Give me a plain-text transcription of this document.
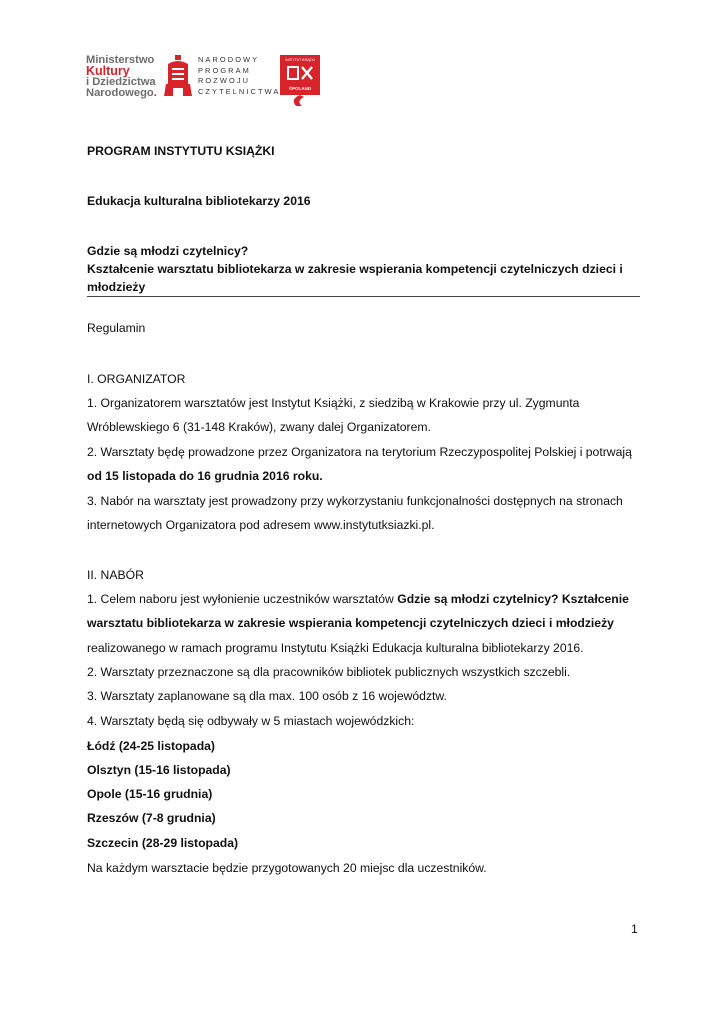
Ministerstwo
Kultury
i Dziedzictwa
Narodowego.
NARODOWY
PROGRAM
ROZWOJU
CZYTELNICTWA
INSTYTUT KSIĄŻKI
©POLAND
PROGRAM INSTYTUTU KSIĄŻKI
Edukacja kulturalna bibliotekarzy 2016
Gdzie są młodzi czytelnicy?
Kształcenie warsztatu bibliotekarza w zakresie wspierania kompetencji czytelniczych dzieci i
młodzieży
Regulamin
I. ORGANIZATOR
1. Organizatorem warsztatów jest Instytut Książki, z siedzibą w Krakowie przy ul. Zygmunta
Wróblewskiego 6 (31-148 Kraków), zwany dalej Organizatorem.
2. Warsztaty będę prowadzone przez Organizatora na terytorium Rzeczypospolitej Polskiej i potrwają
od 15 listopada do 16 grudnia 2016 roku.
3. Nabór na warsztaty jest prowadzony przy wykorzystaniu funkcjonalności dostępnych na stronach
internetowych Organizatora pod adresem www.instytutksiazki.pl.
II. NABÓR
1. Celem naboru jest wyłonienie uczestników warsztatów Gdzie są młodzi czytelnicy? Kształcenie
warsztatu bibliotekarza w zakresie wspierania kompetencji czytelniczych dzieci i młodzieży
realizowanego w ramach programu Instytutu Książki Edukacja kulturalna bibliotekarzy 2016.
2. Warsztaty przeznaczone są dla pracowników bibliotek publicznych wszystkich szczebli.
3. Warsztaty zaplanowane są dla max. 100 osób z 16 województw.
4. Warsztaty będą się odbywały w 5 miastach wojewódzkich:
Łódź (24-25 listopada)
Olsztyn (15-16 listopada)
Opole (15-16 grudnia)
Rzeszów (7-8 grudnia)
Szczecin (28-29 listopada)
Na każdym warsztacie będzie przygotowanych 20 miejsc dla uczestników.
1
